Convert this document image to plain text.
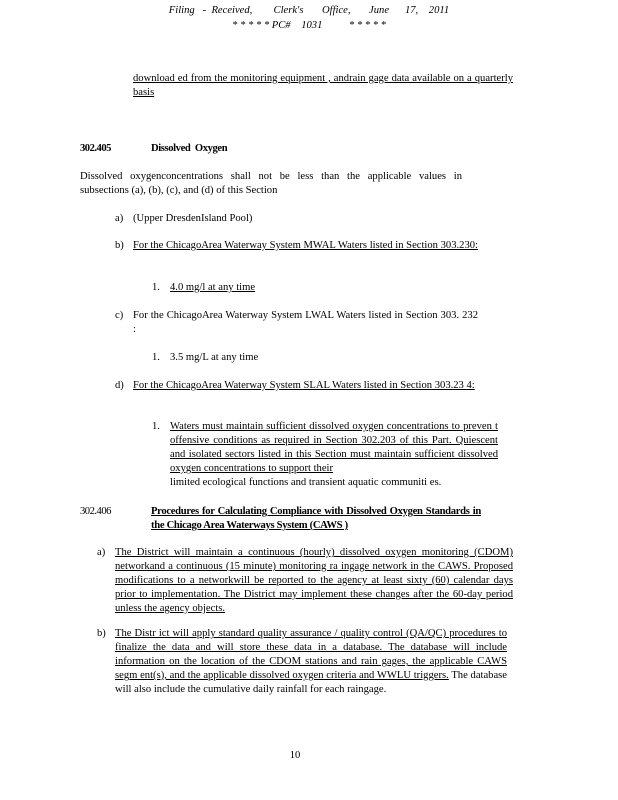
Filing   -  Received,        Clerk's       Office,       June      17,    2011
* * * * * PC#    1031          * * * * *
download ed from the monitoring equipment , andrain gage data available on a quarterly basis
302.405	Dissolved  Oxygen
Dissolved oxygenconcentrations shall not be less than the applicable values in subsections (a), (b), (c), and (d) of this Section
a) (Upper DresdenIsland Pool)
b) For the ChicagoArea Waterway System MWAL Waters listed in Section 303.230:
1. 4.0 mg/l at any time
c) For the ChicagoArea Waterway System LWAL Waters listed in Section 303. 232 :
1. 3.5 mg/L at any time
d) For the ChicagoArea Waterway System SLAL Waters listed in Section 303.23 4:
1. Waters must maintain sufficient dissolved oxygen concentrations to preven t offensive conditions as required in Section 302.203 of this Part. Quiescent and isolated sectors listed in this Section must maintain sufficient dissolved oxygen concentrations to support their
limited ecological functions and transient aquatic communiti es.
302.406	Procedures for Calculating Compliance with Dissolved Oxygen Standards in the Chicago Area Waterways System (CAWS )
a) The District will maintain a continuous (hourly) dissolved oxygen monitoring (CDOM) networkand a continuous (15 minute) monitoring ra ingage network in the CAWS. Proposed modifications to a networkwill be reported to the agency at least sixty (60) calendar days prior to implementation. The District may implement these changes after the 60-day period unless the agency objects.
b) The Distr ict will apply standard quality assurance / quality control (QA/QC) procedures to finalize the data and will store these data in a database. The database will include information on the location of the CDOM stations and rain gages, the applicable CAWS segm ent(s), and the applicable dissolved oxygen criteria and WWLU triggers. The database will also include the cumulative daily rainfall for each raingage.
10
